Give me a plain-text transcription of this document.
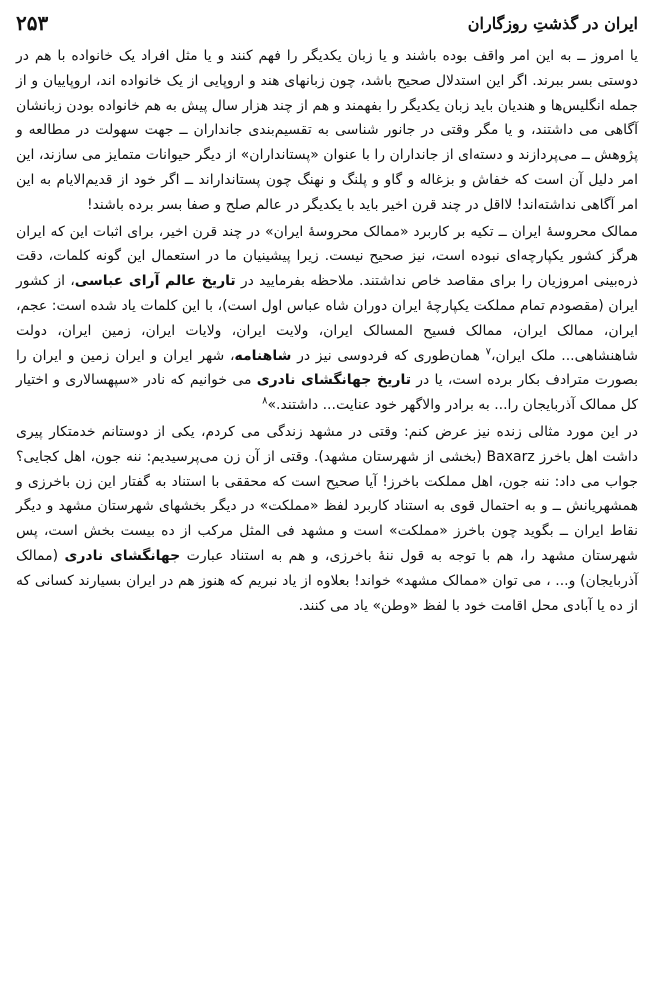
ایران در گذشتِ روزگاران
۲۵۳

یا امروز ــ به این امر واقف بوده باشند و یا زبان یکدیگر را فهم کنند و یا مثل افراد یک خانواده با هم در دوستی بسر ببرند. اگر این استدلال صحیح باشد، چون زبانهای هند و اروپایی از یک خانواده اند، اروپاییان و از جمله انگلیس‌ها و هندیان باید زبان یکدیگر را بفهمند و هم از چند هزار سال پیش به هم خانواده بودن زبانشان آگاهی می داشتند، و یا مگر وقتی در جانور شناسی به تقسیم‌بندی جانداران ــ جهت سهولت در مطالعه و پژوهش ــ می‌پردازند و دسته‌ای از جانداران را با عنوان «پستانداران» از دیگر حیوانات متمایز می سازند، این امر دلیل آن است که خفاش و بزغاله و گاو و پلنگ و نهنگ چون پستانداراند ــ اگر خود از قدیم‌الایام به این امر آگاهی نداشته‌اند! لااقل در چند قرن اخیر باید با یکدیگر در عالم صلح و صفا بسر برده باشند!

ممالک محروسهٔ ایران ــ تکیه بر کاربرد «ممالک محروسهٔ ایران» در چند قرن اخیر، برای اثبات این که ایران هرگز کشور یکپارچه‌ای نبوده است، نیز صحیح نیست. زیرا پیشینیان ما در استعمال این گونه کلمات، دقت ذره‌بینی امروزیان را برای مقاصد خاص نداشتند. ملاحظه بفرمایید در تاریخ عالم آرای عباسی، از کشور ایران (مقصودم تمام مملکت یکپارچهٔ ایران دوران شاه عباس اول است)، با این کلمات یاد شده است: عجم، ایران، ممالک ایران، ممالک فسیح المسالک ایران، ولایت ایران، ولایات ایران، زمین ایران، دولت شاهنشاهی... ملک ایران،$^۷$ همان‌طوری که فردوسی نیز در شاهنامه، شهر ایران و ایران زمین و ایران را بصورت مترادف بکار برده است، یا در تاریخ جهانگشای نادری می خوانیم که نادر «سپهسالاری و اختیار کل ممالک آذربایجان را... به برادر والاگهر خود عنایت... داشتند.»$^۸$

در این مورد مثالی زنده نیز عرض کنم: وقتی در مشهد زندگی می کردم، یکی از دوستانم خدمتکار پیری داشت اهل باخرز Baxarz (بخشی از شهرستان مشهد). وقتی از آن زن می‌پرسیدیم: ننه جون، اهل کجایی؟ جواب می داد: ننه جون، اهل مملکت باخرز! آیا صحیح است که محققی با استناد به گفتار این زن باخرزی و همشهریانش ــ و به احتمال قوی به استناد کاربرد لفظ «مملکت» در دیگر بخشهای شهرستان مشهد و دیگر نقاط ایران ــ بگوید چون باخرز «مملکت» است و مشهد فی المثل مرکب از ده بیست بخش است، پس شهرستان مشهد را، هم با توجه به قول ننهٔ باخرزی، و هم به استناد عبارت جهانگشای نادری (ممالک آذربایجان) و... ، می توان «ممالک مشهد» خواند! بعلاوه از یاد نبریم که هنوز هم در ایران بسیارند کسانی که از ده یا آبادی محل اقامت خود با لفظ «وطن» یاد می کنند.
